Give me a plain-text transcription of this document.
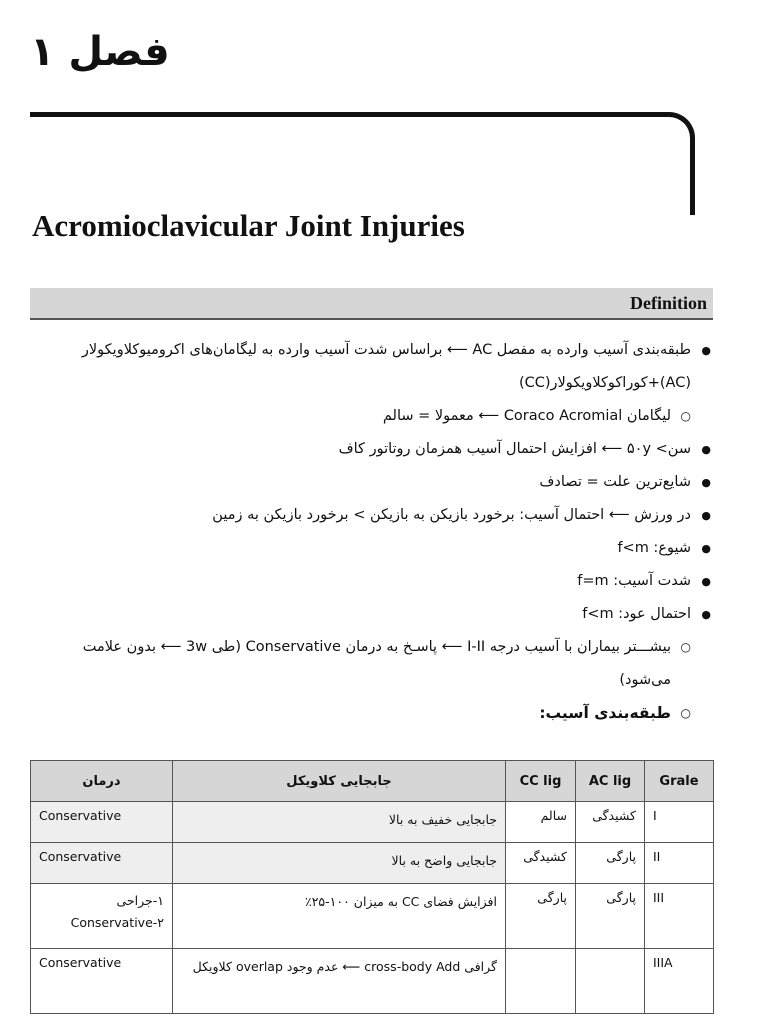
فصل ۱
Acromioclavicular Joint Injuries
Definition
● طبقه‌بندی آسیب وارده به مفصل AC ⟵ براساس شدت آسیب وارده به لیگامان‌های اکرومیوکلاویکولار (AC)+کوراکوکلاویکولار(CC)
○ لیگامان Coraco Acromial ⟵ معمولا = سالم
● سن> ۵۰y ⟵ افزایش احتمال آسیب همزمان روتاتور کاف
● شایع‌ترین علت = تصادف
● در ورزش ⟵ احتمال آسیب: برخورد بازیکن به بازیکن > برخورد بازیکن به زمین
● شیوع: f<m
● شدت آسیب: f=m
● احتمال عود: f<m
○ بیشـــتر بیماران با آسیب درجه I-II ⟵ پاسـخ به درمان Conservative (طی 3w ⟵ بدون علامت می‌شود)
○ طبقه‌بندی آسیب:
Grale	AC lig	CC lig	جابجایی کلاویکل	درمان
I	کشیدگی	سالم	جابجایی خفیف به بالا	Conservative
II	پارگی	کشیدگی	جابجایی واضح به بالا	Conservative
III	پارگی	پارگی	افزایش فضای CC به میزان ۱۰۰-۲۵٪	۱-جراحی
Conservative-۲

IIIA			گرافی cross-body Add ⟵ عدم وجود overlap کلاویکل	Conservative
